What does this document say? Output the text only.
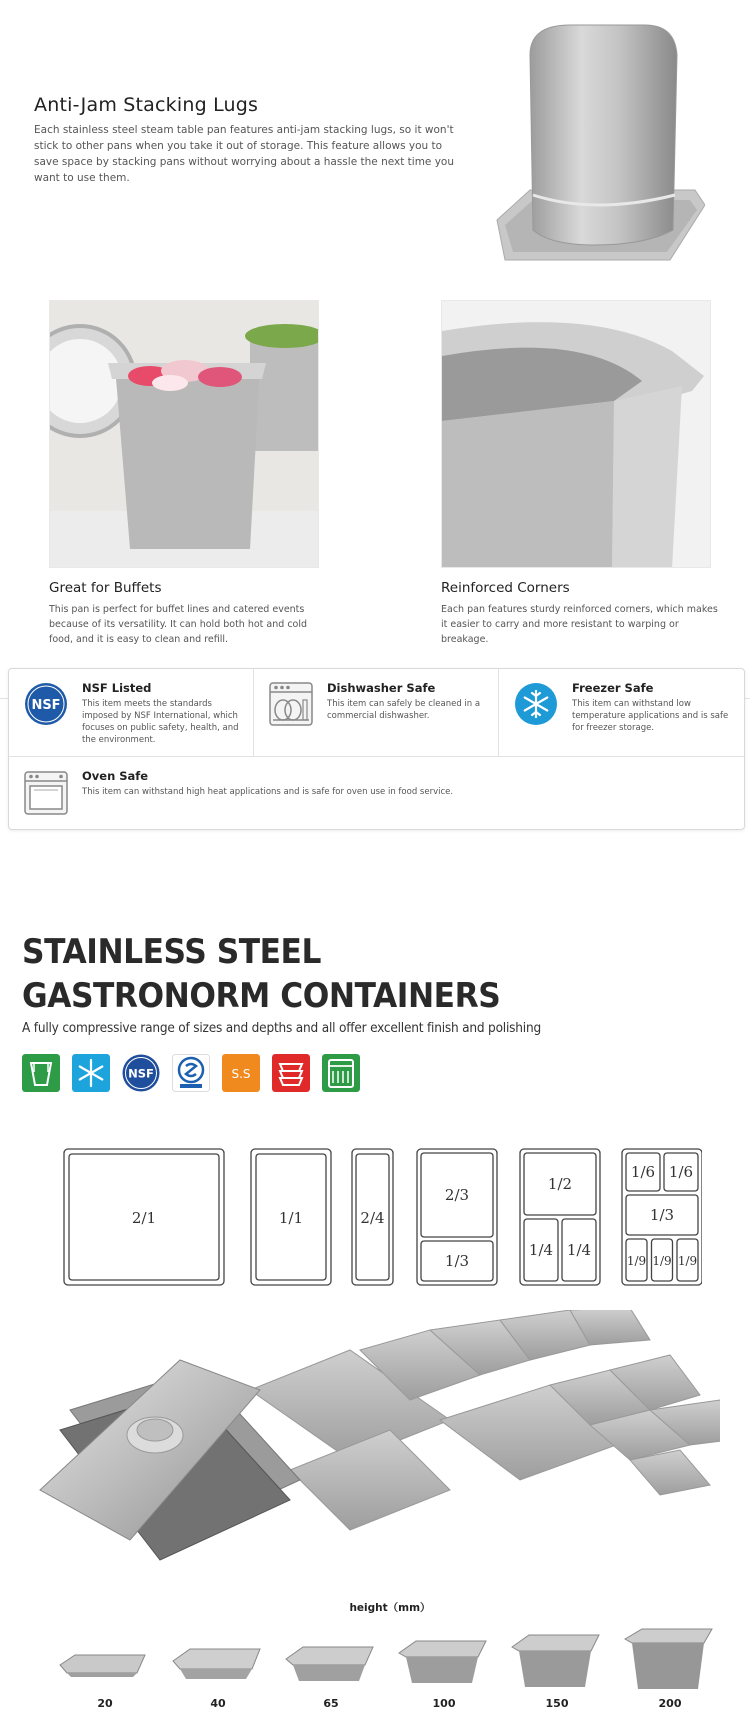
Anti-Jam Stacking Lugs
Each stainless steel steam table pan features anti-jam stacking lugs, so it won't stick to other pans when you take it out of storage. This feature allows you to save space by stacking pans without worrying about a hassle the next time you want to use them.
Great for Buffets
This pan is perfect for buffet lines and catered events because of its versatility. It can hold both hot and cold food, and it is easy to clean and refill.
Reinforced Corners
Each pan features sturdy reinforced corners, which makes it easier to carry and more resistant to warping or breakage.
NSF
NSF Listed
This item meets the standards imposed by NSF International, which focuses on public safety, health, and the environment.
Dishwasher Safe
This item can safely be cleaned in a commercial dishwasher.
Freezer Safe
This item can withstand low temperature applications and is safe for freezer storage.
Oven Safe
This item can withstand high heat applications and is safe for oven use in food service.
STAINLESS STEEL
GASTRONORM CONTAINERS
A fully compressive range of sizes and depths and all offer excellent finish and polishing
NSF	S.S
2/1	1/1	2/4
2/3
1/3
1/2
1/4 1/4
1/6 1/6
1/3
1/9 1/9 1/9
height（mm）
20	40	65	100	150	200
